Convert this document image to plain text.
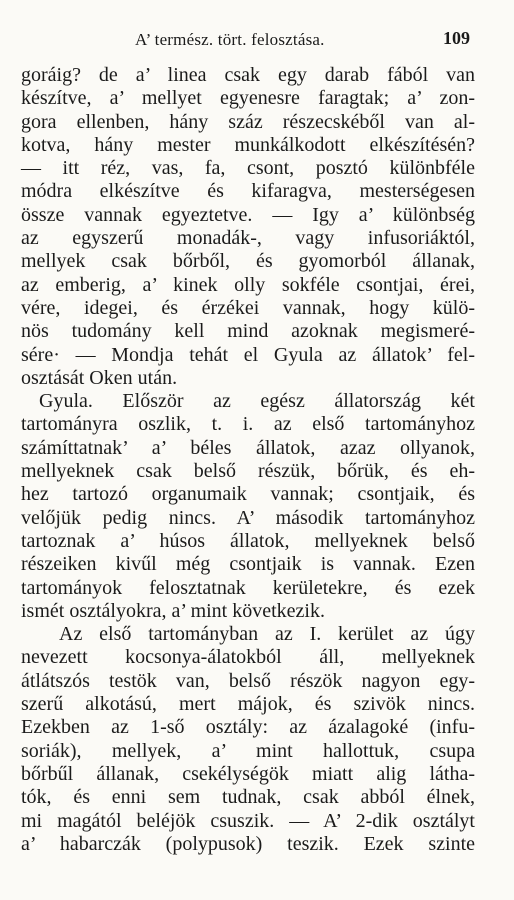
A’ termész. tört. felosztása.	109
goráig? de a’ linea csak egy darab fából van
készítve, a’ mellyet egyenesre faragtak; a’ zon-
gora ellenben, hány száz részecskéből van al-
kotva, hány mester munkálkodott elkészítésén?
— itt réz, vas, fa, csont, posztó különbféle
módra elkészítve és kifaragva, mesterségesen
össze vannak egyeztetve. — Igy a’ különbség
az egyszerű monadák-, vagy infusoriáktól,
mellyek csak bőrből, és gyomorból állanak,
az emberig, a’ kinek olly sokféle csontjai, érei,
vére, idegei, és érzékei vannak, hogy külö-
nös tudomány kell mind azoknak megismeré-
sére· — Mondja tehát el Gyula az állatok’ fel-
osztását Oken után.
Gyula. Először az egész állatország két
tartományra oszlik, t. i. az első tartományhoz
számíttatnak’ a’ béles állatok, azaz ollyanok,
mellyeknek csak belső részük, bőrük, és eh-
hez tartozó organumaik vannak; csontjaik, és
velőjük pedig nincs. A’ második tartományhoz
tartoznak a’ húsos állatok, mellyeknek belső
részeiken kivűl még csontjaik is vannak. Ezen
tartományok felosztatnak kerületekre, és ezek
ismét osztályokra, a’ mint következik.
Az első tartományban az I. kerület az úgy
nevezett kocsonya-álatokból áll, mellyeknek
átlátszós testök van, belső részök nagyon egy-
szerű alkotású, mert májok, és szivök nincs.
Ezekben az 1-ső osztály: az ázalagoké (infu-
soriák), mellyek, a’ mint hallottuk, csupa
bőrbűl állanak, csekélységök miatt alig látha-
tók, és enni sem tudnak, csak abból élnek,
mi magától beléjök csuszik. — A’ 2-dik osztályt
a’ habarczák (polypusok) teszik. Ezek szinte
